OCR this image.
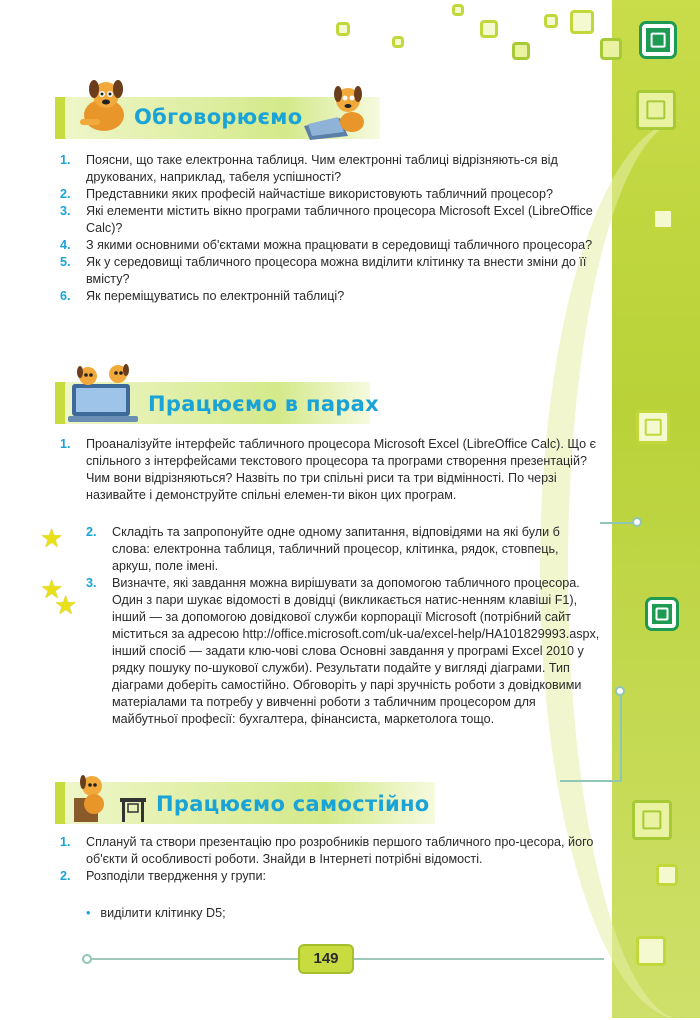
Обговорюємо
1. Поясни, що таке електронна таблиця. Чим електронні таблиці відрізняють-ся від друкованих, наприклад, табеля успішності?
2. Представники яких професій найчастіше використовують табличний процесор?
3. Які елементи містить вікно програми табличного процесора Microsoft Excel (LibreOffice Calc)?
4. З якими основними об'єктами можна працювати в середовищі табличного процесора?
5. Як у середовищі табличного процесора можна виділити клітинку та внести зміни до її вмісту?
6. Як переміщуватись по електронній таблиці?
Працюємо в парах
1. Проаналізуйте інтерфейс табличного процесора Microsoft Excel (LibreOffice Calc). Що є спільного з інтерфейсами текстового процесора та програми створення презентацій? Чим вони відрізняються? Назвіть по три спільні риси та три відмінності. По черзі називайте і демонструйте спільні елемен-ти вікон цих програм.
2. Складіть та запропонуйте одне одному запитання, відповідями на які були б слова: електронна таблиця, табличний процесор, клітинка, рядок, стовпець, аркуш, поле імені.
3. Визначте, які завдання можна вирішувати за допомогою табличного процесора. Один з пари шукає відомості в довідці (викликається натис-ненням клавіші F1), інший — за допомогою довідкової служби корпорації Microsoft (потрібний сайт міститься за адресою http://office.microsoft.com/uk-ua/excel-help/HA101829993.aspx, інший спосіб — задати клю-чові слова Основні завдання у програмі Excel 2010 у рядку пошуку по-шукової служби). Результати подайте у вигляді діаграми. Тип діаграми доберіть самостійно. Обговоріть у парі зручність роботи з довідковими матеріалами та потребу у вивченні роботи з табличним процесором для майбутньої професії: бухгалтера, фінансиста, маркетолога тощо.
★
★
★
Працюємо самостійно
1. Сплануй та створи презентацію про розробників першого табличного про-цесора, його об'єкти й особливості роботи. Знайди в Інтернеті потрібні відомості.
2. Розподіли твердження у групи:
• виділити клітинку D5;
149
